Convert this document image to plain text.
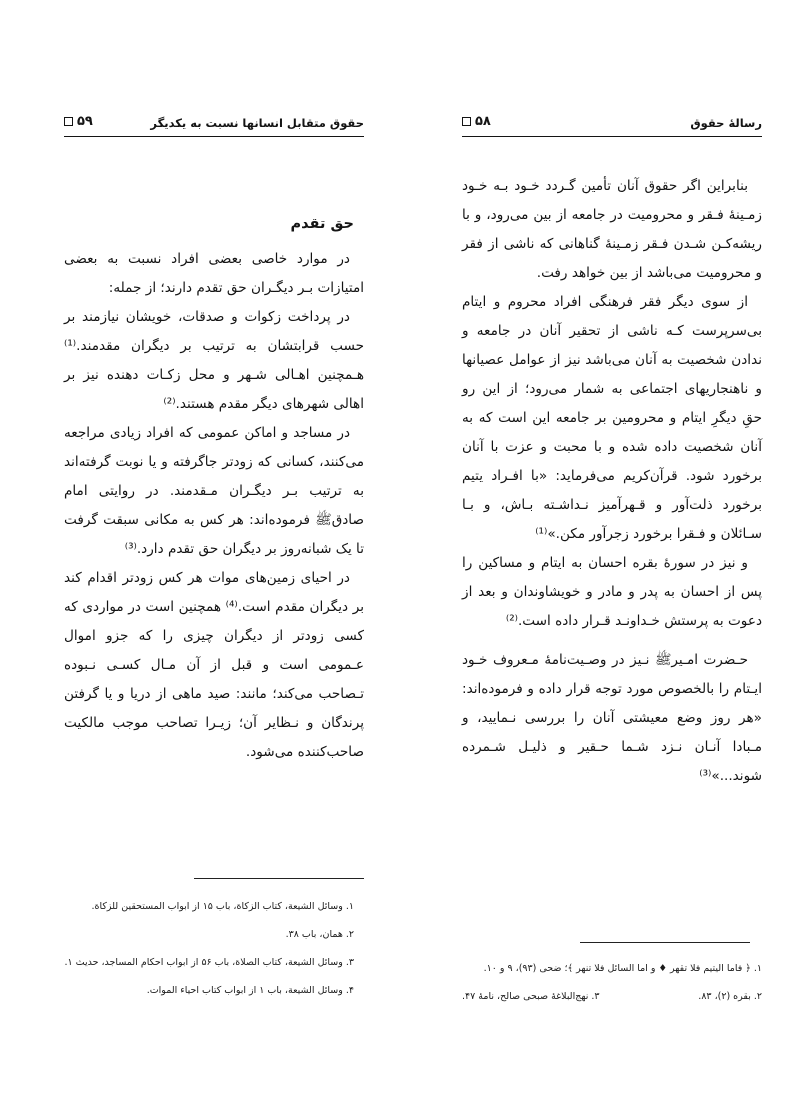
حقوق متقابل انسانها نسبت به یکدیگر
۵۹

حق تقدم

در موارد خاصی بعضی افراد نسبت به بعضی امتیازات بـر دیگـران حق تقدم دارند؛ از جمله:

در پرداخت زکوات و صدقات، خویشان نیازمند بر حسب قرابتشان به ترتیب بر دیگران مقدمند.⁽¹⁾ هـمچنین اهـالی شـهر و محل زکـات دهنده نیز بر اهالی شهرهای دیگر مقدم هستند.⁽²⁾

در مساجد و اماکن عمومی که افراد زیادی مراجعه می‌کنند، کسانی که زودتر جاگرفته و یا نوبت گرفته‌اند به ترتیب بـر دیگـران مـقدمند. در روایتی امام صادقﷺ فرموده‌اند: هر کس به مکانی سبقت گرفت تا یک شبانه‌روز بر دیگران حق تقدم دارد.⁽³⁾

در احیای زمین‌های موات هر کس زودتر اقدام کند بر دیگران مقدم است.⁽⁴⁾ همچنین است در مواردی که کسی زودتر از دیگران چیزی را که جزو اموال عـمومی است و قبل از آن مـال کسـی نـبوده تـصاحب می‌کند؛ مانند: صید ماهی از دریا و یا گرفتن پرندگان و نـظایر آن؛ زیـرا تصاحب موجب مالکیت صاحب‌کننده می‌شود.

۱. وسائل الشیعة، کتاب الزکاة، باب ۱۵ از ابواب المستحقین للزکاة.
۲. همان، باب ۳۸.
۳. وسائل الشیعة، کتاب الصلاة، باب ۵۶ از ابواب احکام المساجد، حدیث ۱.
۴. وسائل الشیعة، باب ۱ از ابواب کتاب احیاء الموات.
رسالهٔ حقوق
۵۸

بنابراین اگر حقوق آنان تأمین گـردد خـود بـه خـود زمـینهٔ فـقر و محرومیت در جامعه از بین می‌رود، و با ریشه‌کـن شـدن فـقر زمـینهٔ گناهانی که ناشی از فقر و محرومیت می‌باشد از بین خواهد رفت.

از سوی دیگر فقر فرهنگی افراد محروم و ایتام بی‌سرپرست کـه ناشی از تحقیر آنان در جامعه و ندادن شخصیت به آنان می‌باشد نیز از عوامل عصیانها و ناهنجاریهای اجتماعی به شمار می‌رود؛ از این رو حقِ دیگرِ ایتام و محرومین بر جامعه این است که به آنان شخصیت داده شده و با محبت و عزت با آنان برخورد شود. قرآن‌کریم می‌فرماید: «با افـراد یتیم برخورد ذلت‌آور و قـهرآمیز نـداشـته بـاش، و بـا سـائلان و فـقرا برخورد زجرآور مکن.»⁽¹⁾

و نیز در سورهٔ بقره احسان به ایتام و مساکین را پس از احسان به پدر و مادر و خویشاوندان و بعد از دعوت به پرستش خـداونـد قـرار داده است.⁽²⁾

حـضرت امـیرﷺ نـیز در وصـیت‌نامهٔ مـعروف خـود ایـتام را بالخصوص مورد توجه قرار داده و فرموده‌اند: «هر روز وضع معیشتی آنان را بررسی نـمایید، و مـبادا آنـان نـزد شـما حـقیر و ذلیـل شـمرده شوند...»⁽³⁾

۱. ﴿ فاما الیتیم فلا تقهر ♦ و اما السائل فلا تنهر ﴾؛ ضحی (۹۳)، ۹ و ۱۰.
۲. بقره (۲)، ۸۳.
۳. نهج‌البلاغهٔ صبحی صالح، نامهٔ ۴۷.
